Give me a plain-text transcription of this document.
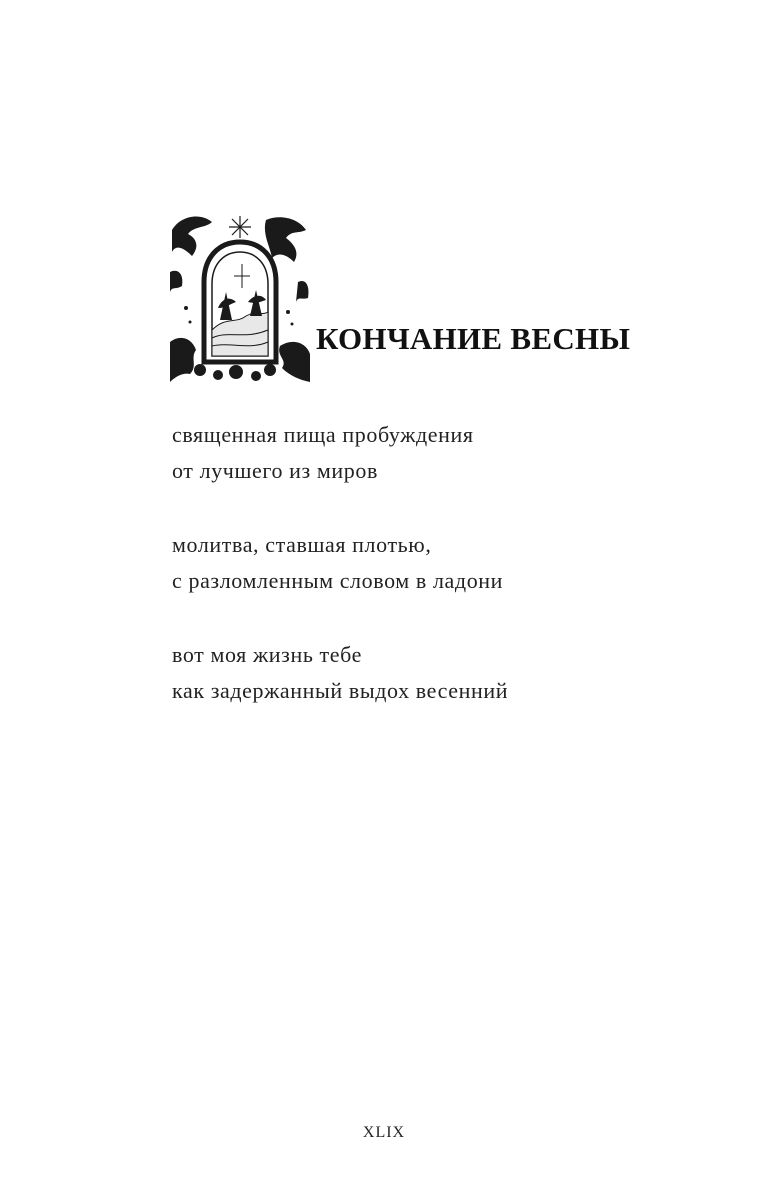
КОНЧАНИЕ ВЕСНЫ
священная пища пробуждения
от лучшего из миров
молитва, ставшая плотью,
с разломленным словом в ладони
вот моя жизнь тебе
как задержанный выдох весенний
XLIX
